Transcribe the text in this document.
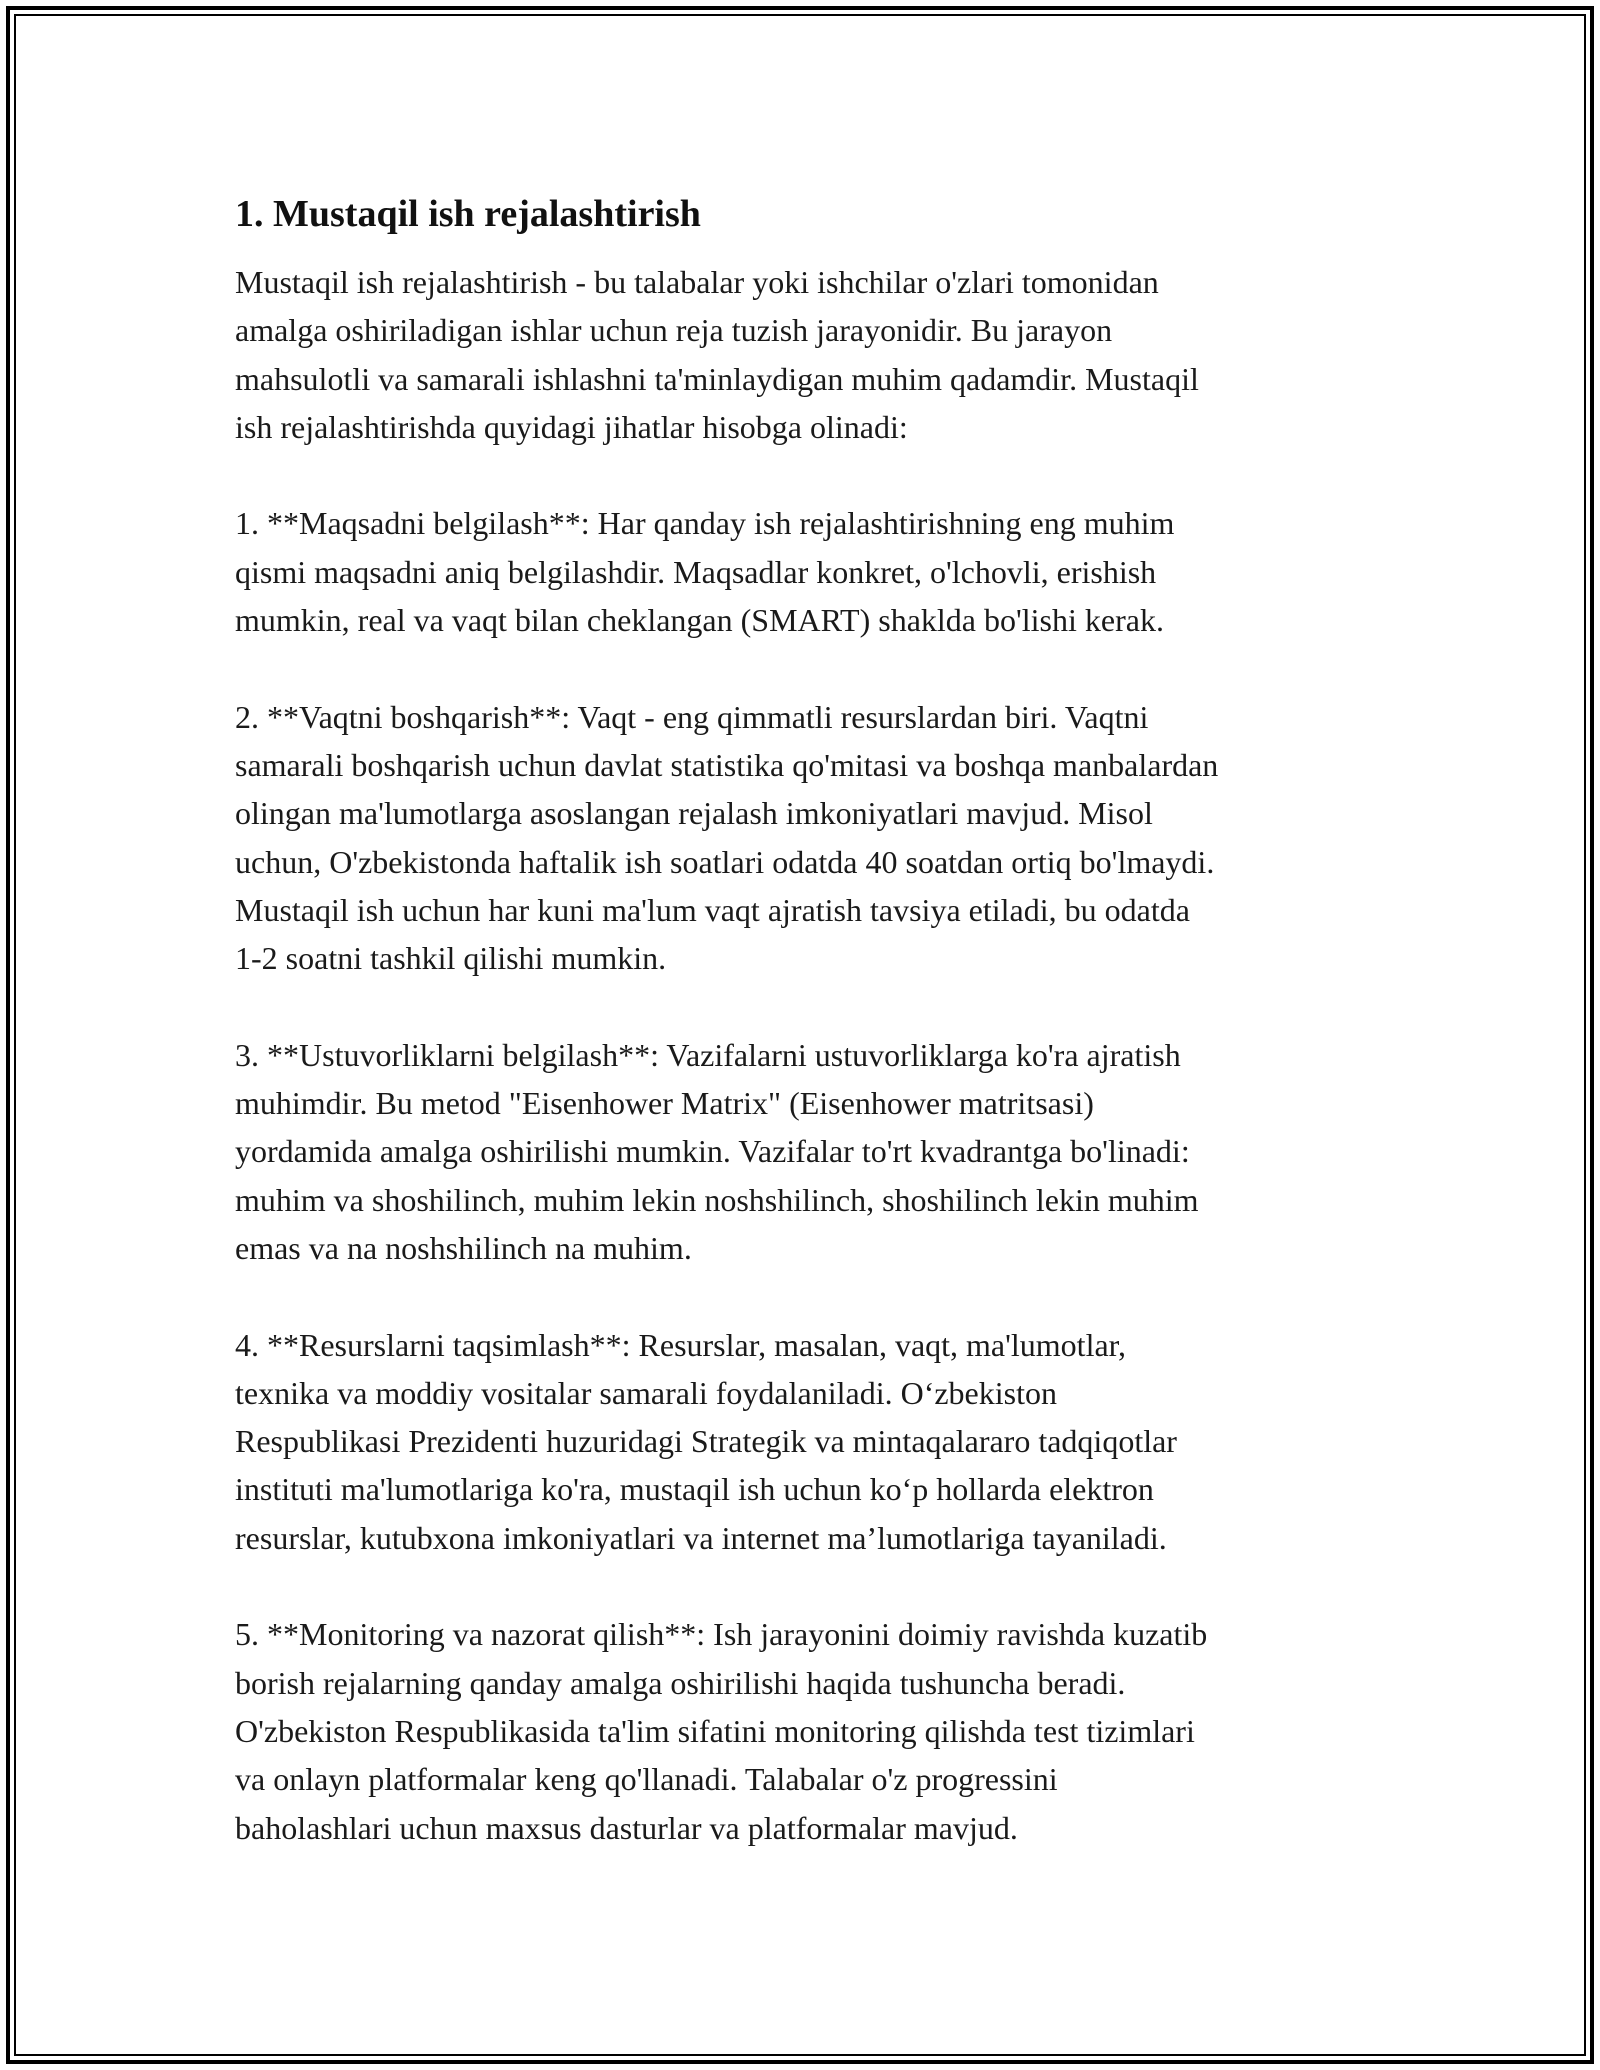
1. Mustaqil ish rejalashtirish

Mustaqil ish rejalashtirish - bu talabalar yoki ishchilar o'zlari tomonidan
amalga oshiriladigan ishlar uchun reja tuzish jarayonidir. Bu jarayon
mahsulotli va samarali ishlashni ta'minlaydigan muhim qadamdir. Mustaqil
ish rejalashtirishda quyidagi jihatlar hisobga olinadi:

1. **Maqsadni belgilash**: Har qanday ish rejalashtirishning eng muhim
qismi maqsadni aniq belgilashdir. Maqsadlar konkret, o'lchovli, erishish
mumkin, real va vaqt bilan cheklangan (SMART) shaklda bo'lishi kerak.

2. **Vaqtni boshqarish**: Vaqt - eng qimmatli resurslardan biri. Vaqtni
samarali boshqarish uchun davlat statistika qo'mitasi va boshqa manbalardan
olingan ma'lumotlarga asoslangan rejalash imkoniyatlari mavjud. Misol
uchun, O'zbekistonda haftalik ish soatlari odatda 40 soatdan ortiq bo'lmaydi.
Mustaqil ish uchun har kuni ma'lum vaqt ajratish tavsiya etiladi, bu odatda
1-2 soatni tashkil qilishi mumkin.

3. **Ustuvorliklarni belgilash**: Vazifalarni ustuvorliklarga ko'ra ajratish
muhimdir. Bu metod "Eisenhower Matrix" (Eisenhower matritsasi)
yordamida amalga oshirilishi mumkin. Vazifalar to'rt kvadrantga bo'linadi:
muhim va shoshilinch, muhim lekin noshshilinch, shoshilinch lekin muhim
emas va na noshshilinch na muhim.

4. **Resurslarni taqsimlash**: Resurslar, masalan, vaqt, ma'lumotlar,
texnika va moddiy vositalar samarali foydalaniladi. O‘zbekiston
Respublikasi Prezidenti huzuridagi Strategik va mintaqalararo tadqiqotlar
instituti ma'lumotlariga ko'ra, mustaqil ish uchun ko‘p hollarda elektron
resurslar, kutubxona imkoniyatlari va internet ma’lumotlariga tayaniladi.

5. **Monitoring va nazorat qilish**: Ish jarayonini doimiy ravishda kuzatib
borish rejalarning qanday amalga oshirilishi haqida tushuncha beradi.
O'zbekiston Respublikasida ta'lim sifatini monitoring qilishda test tizimlari
va onlayn platformalar keng qo'llanadi. Talabalar o'z progressini
baholashlari uchun maxsus dasturlar va platformalar mavjud.
